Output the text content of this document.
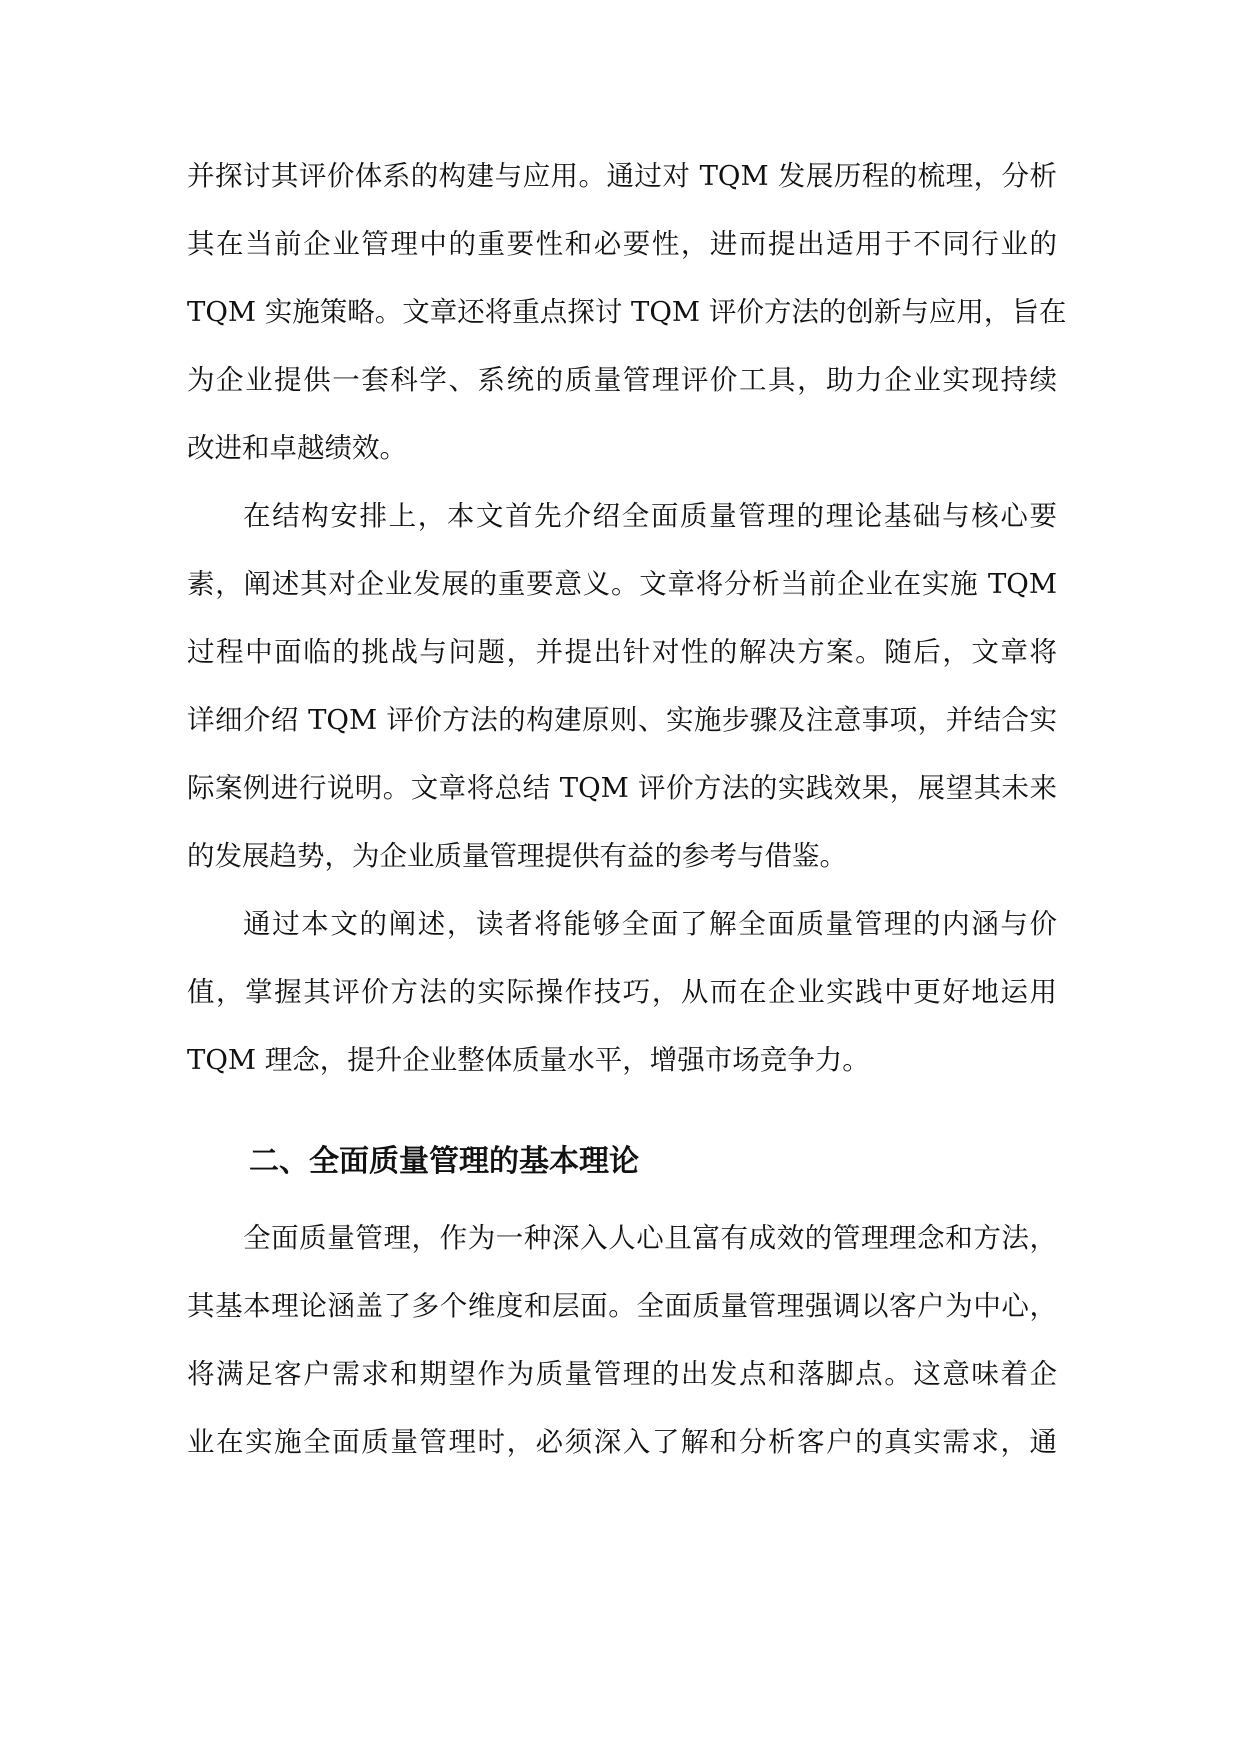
并探讨其评价体系的构建与应用。通过对 TQM 发展历程的梳理，分析
其在当前企业管理中的重要性和必要性，进而提出适用于不同行业的
TQM 实施策略。文章还将重点探讨 TQM 评价方法的创新与应用，旨在
为企业提供一套科学、系统的质量管理评价工具，助力企业实现持续
改进和卓越绩效。
在结构安排上，本文首先介绍全面质量管理的理论基础与核心要
素，阐述其对企业发展的重要意义。文章将分析当前企业在实施 TQM
过程中面临的挑战与问题，并提出针对性的解决方案。随后，文章将
详细介绍 TQM 评价方法的构建原则、实施步骤及注意事项，并结合实
际案例进行说明。文章将总结 TQM 评价方法的实践效果，展望其未来
的发展趋势，为企业质量管理提供有益的参考与借鉴。
通过本文的阐述，读者将能够全面了解全面质量管理的内涵与价
值，掌握其评价方法的实际操作技巧，从而在企业实践中更好地运用
TQM 理念，提升企业整体质量水平，增强市场竞争力。
二、全面质量管理的基本理论
全面质量管理，作为一种深入人心且富有成效的管理理念和方法，
其基本理论涵盖了多个维度和层面。全面质量管理强调以客户为中心，
将满足客户需求和期望作为质量管理的出发点和落脚点。这意味着企
业在实施全面质量管理时，必须深入了解和分析客户的真实需求，通
